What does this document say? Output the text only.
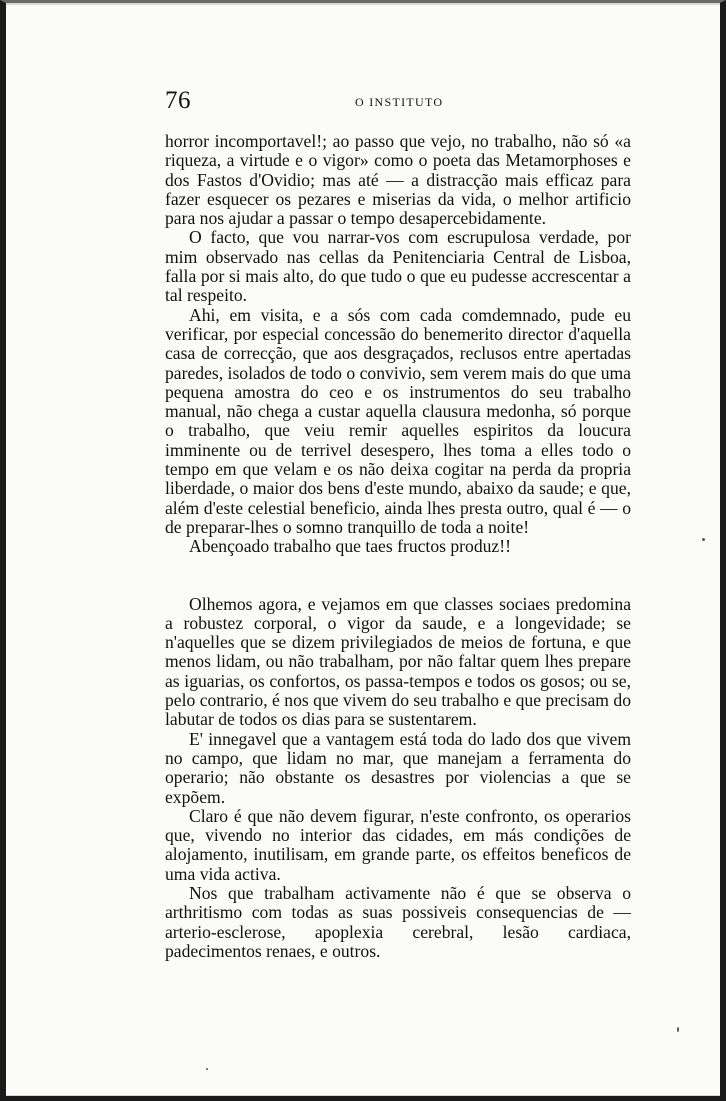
76	O INSTITUTO

horror incomportavel!; ao passo que vejo, no trabalho, não só «a riqueza, a virtude e o vigor» como o poeta das Metamorphoses e dos Fastos d'Ovidio; mas até — a distracção mais efficaz para fazer esquecer os pezares e miserias da vida, o melhor artificio para nos ajudar a passar o tempo desapercebidamente.

O facto, que vou narrar-vos com escrupulosa verdade, por mim observado nas cellas da Penitenciaria Central de Lisboa, falla por si mais alto, do que tudo o que eu pudesse accrescentar a tal respeito.

Ahi, em visita, e a sós com cada comdemnado, pude eu verificar, por especial concessão do benemerito director d'aquella casa de correcção, que aos desgraçados, reclusos entre apertadas paredes, isolados de todo o convivio, sem verem mais do que uma pequena amostra do ceo e os instrumentos do seu trabalho manual, não chega a custar aquella clausura medonha, só porque o trabalho, que veiu remir aquelles espiritos da loucura imminente ou de terrivel desespero, lhes toma a elles todo o tempo em que velam e os não deixa cogitar na perda da propria liberdade, o maior dos bens d'este mundo, abaixo da saude; e que, além d'este celestial beneficio, ainda lhes presta outro, qual é — o de preparar-lhes o somno tranquillo de toda a noite!

Abençoado trabalho que taes fructos produz!!

Olhemos agora, e vejamos em que classes sociaes predomina a robustez corporal, o vigor da saude, e a longevidade; se n'aquelles que se dizem privilegiados de meios de fortuna, e que menos lidam, ou não trabalham, por não faltar quem lhes prepare as iguarias, os confortos, os passa-tempos e todos os gosos; ou se, pelo contrario, é nos que vivem do seu trabalho e que precisam do labutar de todos os dias para se sustentarem.

E' innegavel que a vantagem está toda do lado dos que vivem no campo, que lidam no mar, que manejam a ferramenta do operario; não obstante os desastres por violencias a que se expõem.

Claro é que não devem figurar, n'este confronto, os operarios que, vivendo no interior das cidades, em más condições de alojamento, inutilisam, em grande parte, os effeitos beneficos de uma vida activa.

Nos que trabalham activamente não é que se observa o arthritismo com todas as suas possiveis consequencias de — arterio-esclerose, apoplexia cerebral, lesão cardiaca, padecimentos renaes, e outros.
